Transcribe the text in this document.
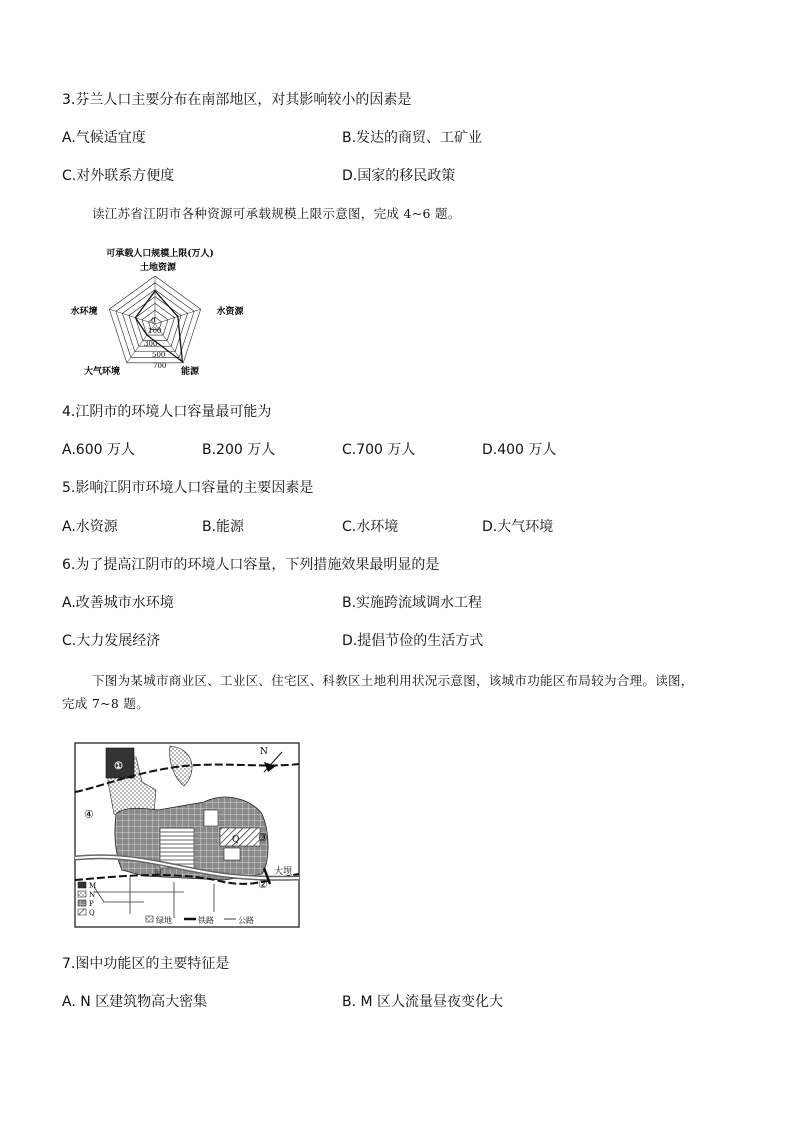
3.芬兰人口主要分布在南部地区，对其影响较小的因素是
A.气候适宜度	B.发达的商贸、工矿业
C.对外联系方便度	D.国家的移民政策
读江苏省江阴市各种资源可承载规模上限示意图，完成 4~6 题。
可承载人口规模上限(万人)
土地资源
水资源
能源
大气环境
水环境
0
100
300
500
700
4.江阴市的环境人口容量最可能为
A.600 万人	B.200 万人	C.700 万人	D.400 万人
5.影响江阴市环境人口容量的主要因素是
A.水资源	B.能源	C.水环境	D.大气环境
6.为了提高江阴市的环境人口容量，下列措施效果最明显的是
A.改善城市水环境	B.实施跨流域调水工程
C.大力发展经济	D.提倡节俭的生活方式
下图为某城市商业区、工业区、住宅区、科教区土地利用状况示意图，该城市功能区布局较为合理。读图，
完成 7~8 题。
①
河	大坝
③
②
④
Q
N
M
N
P
Q
绿地	铁路	公路
7.图中功能区的主要特征是
A. N 区建筑物高大密集	B. M 区人流量昼夜变化大
